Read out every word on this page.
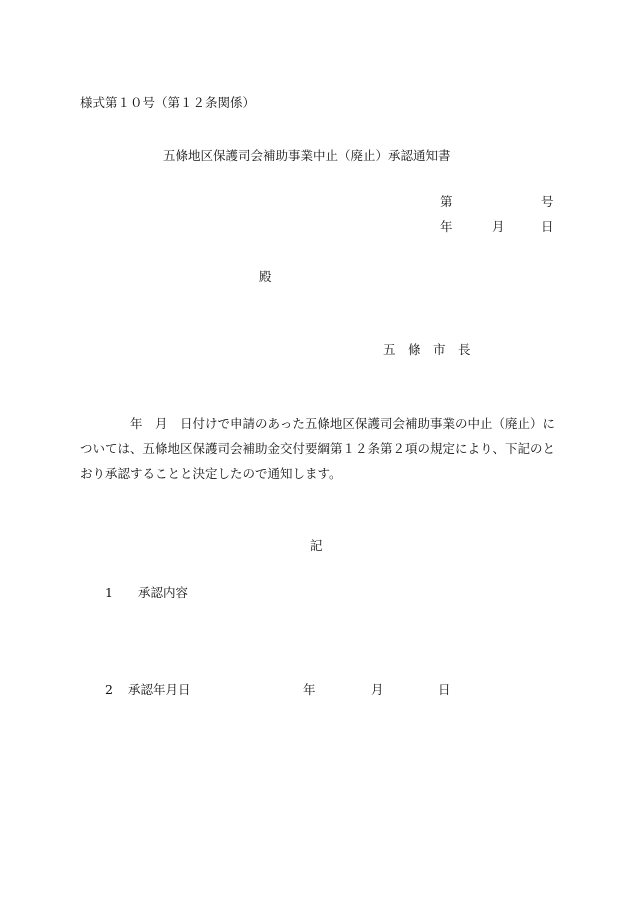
様式第１０号（第１２条関係）
五條地区保護司会補助事業中止（廃止）承認通知書
第	号
年	月	日
殿
五　條　市　長
年　月　日付けで申請のあった五條地区保護司会補助事業の中止（廃止）については、五條地区保護司会補助金交付要綱第１２条第２項の規定により、下記のとおり承認することと決定したので通知します。
記
1　　 承認内容
2 承認年月日	年	月	日
